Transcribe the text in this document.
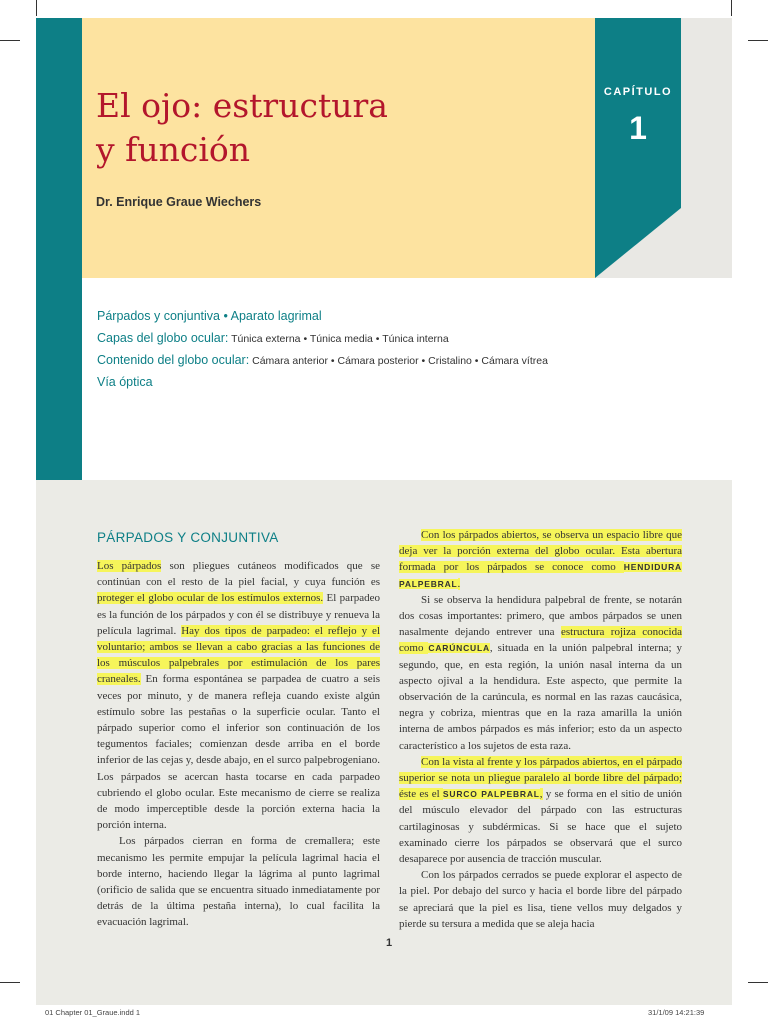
El ojo: estructura
y función
Dr. Enrique Graue Wiechers
CAPÍTULO
1
Párpados y conjuntiva • Aparato lagrimal
Capas del globo ocular: Túnica externa • Túnica media • Túnica interna
Contenido del globo ocular: Cámara anterior • Cámara posterior • Cristalino • Cámara vítrea
Vía óptica
PÁRPADOS Y CONJUNTIVA
Los párpados son pliegues cutáneos modificados que se continúan con el resto de la piel facial, y cuya función es proteger el globo ocular de los estímulos externos. El parpadeo es la función de los párpados y con él se distribuye y renueva la película lagrimal. Hay dos tipos de parpadeo: el reflejo y el voluntario; ambos se llevan a cabo gracias a las funciones de los músculos palpebrales por estimulación de los pares craneales. En forma espontánea se parpadea de cuatro a seis veces por minuto, y de manera refleja cuando existe algún estímulo sobre las pestañas o la superficie ocular. Tanto el párpado superior como el inferior son continuación de los tegumentos faciales; comienzan desde arriba en el borde inferior de las cejas y, desde abajo, en el surco palpebrogeniano. Los párpados se acercan hasta tocarse en cada parpadeo cubriendo el globo ocular. Este mecanismo de cierre se realiza de modo imperceptible desde la porción externa hacia la porción interna.
Los párpados cierran en forma de cremallera; este mecanismo les permite empujar la película lagrimal hacia el borde interno, haciendo llegar la lágrima al punto lagrimal (orificio de salida que se encuentra situado inmediatamente por detrás de la última pestaña interna), lo cual facilita la evacuación lagrimal.
Con los párpados abiertos, se observa un espacio libre que deja ver la porción externa del globo ocular. Esta abertura formada por los párpados se conoce como HENDIDURA PALPEBRAL.
Si se observa la hendidura palpebral de frente, se notarán dos cosas importantes: primero, que ambos párpados se unen nasalmente dejando entrever una estructura rojiza conocida como CARÚNCULA, situada en la unión palpebral interna; y segundo, que, en esta región, la unión nasal interna da un aspecto ojival a la hendidura. Este aspecto, que permite la observación de la carúncula, es normal en las razas caucásica, negra y cobriza, mientras que en la raza amarilla la unión interna de ambos párpados es más inferior; esto da un aspecto característico a los sujetos de esta raza.
Con la vista al frente y los párpados abiertos, en el párpado superior se nota un pliegue paralelo al borde libre del párpado; éste es el SURCO PALPEBRAL, y se forma en el sitio de unión del músculo elevador del párpado con las estructuras cartilaginosas y subdérmicas. Si se hace que el sujeto examinado cierre los párpados se observará que el surco desaparece por ausencia de tracción muscular.
Con los párpados cerrados se puede explorar el aspecto de la piel. Por debajo del surco y hacia el borde libre del párpado se apreciará que la piel es lisa, tiene vellos muy delgados y pierde su tersura a medida que se aleja hacia
1
01 Chapter 01_Graue.indd 1	31/1/09 14:21:39
